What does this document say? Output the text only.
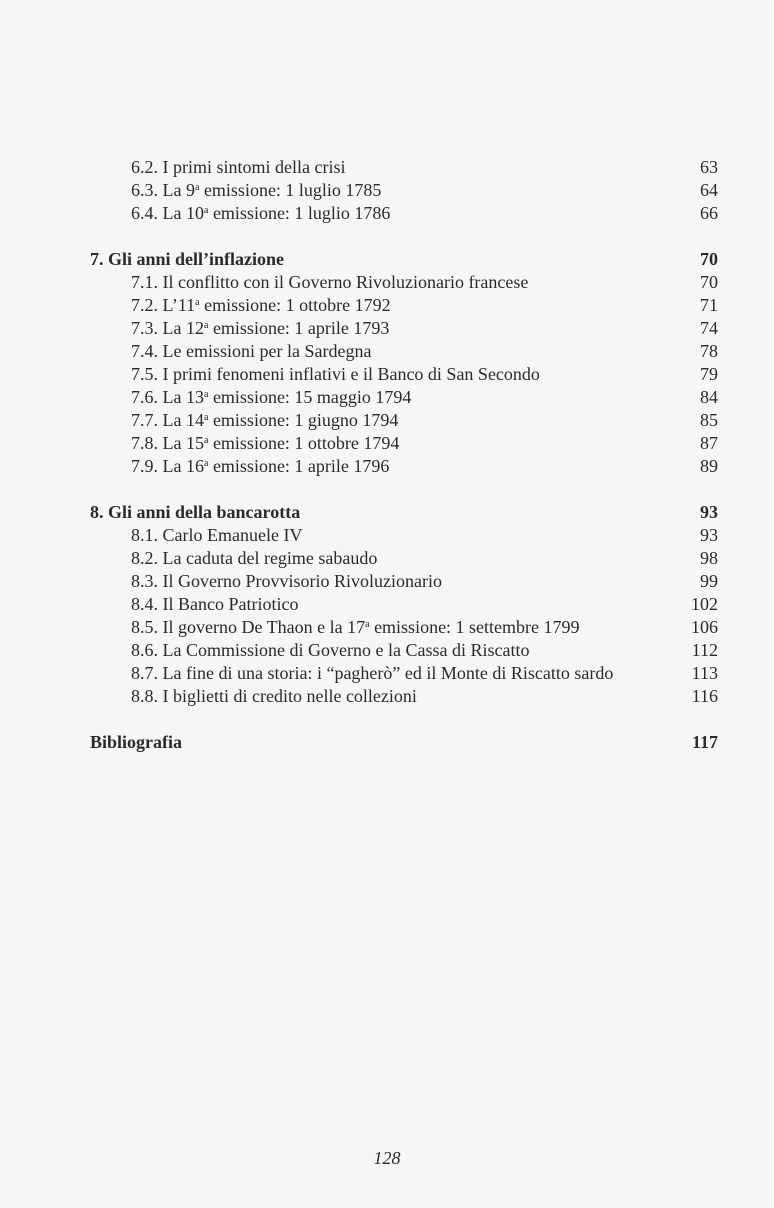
6.2. I primi sintomi della crisi	63
6.3. La 9$^a$ emissione: 1 luglio 1785	64
6.4. La 10$^a$ emissione: 1 luglio 1786	66
7. Gli anni dell’inflazione	70
7.1. Il conflitto con il Governo Rivoluzionario francese	70
7.2. L’11$^a$ emissione: 1 ottobre 1792	71
7.3. La 12$^a$ emissione: 1 aprile 1793	74
7.4. Le emissioni per la Sardegna	78
7.5. I primi fenomeni inflativi e il Banco di San Secondo	79
7.6. La 13$^a$ emissione: 15 maggio 1794	84
7.7. La 14$^a$ emissione: 1 giugno 1794	85
7.8. La 15$^a$ emissione: 1 ottobre 1794	87
7.9. La 16$^a$ emissione: 1 aprile 1796	89
8. Gli anni della bancarotta	93
8.1. Carlo Emanuele IV	93
8.2. La caduta del regime sabaudo	98
8.3. Il Governo Provvisorio Rivoluzionario	99
8.4. Il Banco Patriotico	102
8.5. Il governo De Thaon e la 17$^a$ emissione: 1 settembre 1799	106
8.6. La Commissione di Governo e la Cassa di Riscatto	112
8.7. La fine di una storia: i “pagherò” ed il Monte di Riscatto sardo	113
8.8. I biglietti di credito nelle collezioni	116
Bibliografia	117
128
